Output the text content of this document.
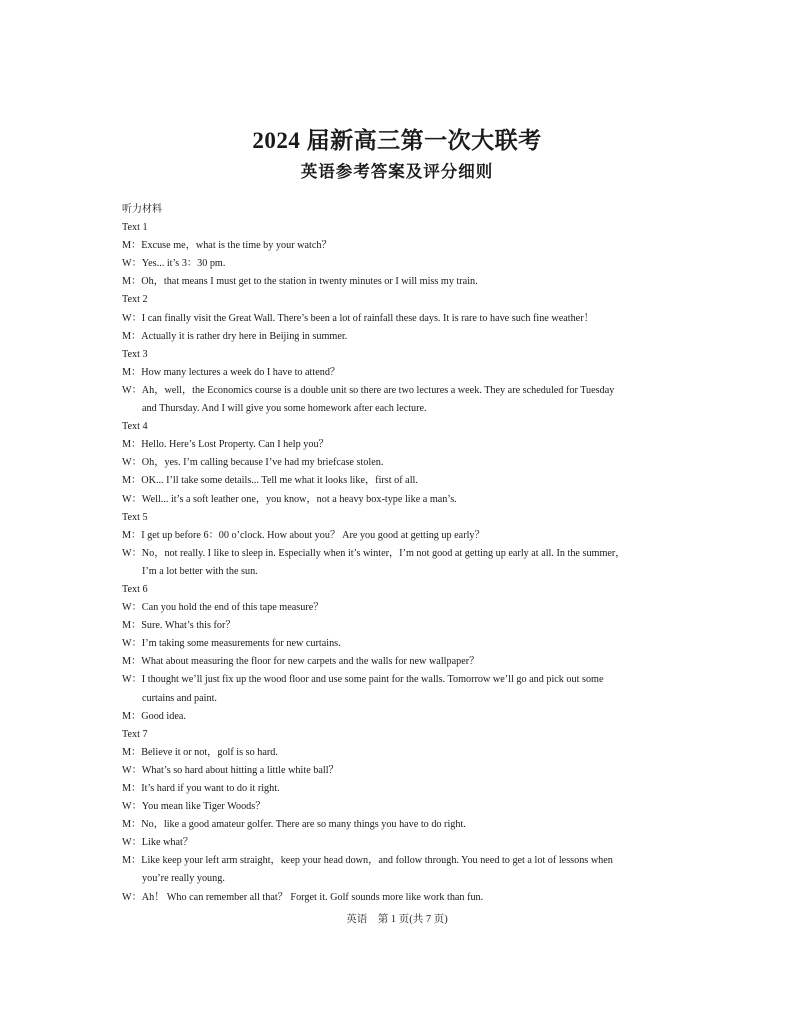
2024 届新高三第一次大联考
英语参考答案及评分细则
听力材料
Text 1
M：Excuse me，what is the time by your watch？
W：Yes... it’s 3：30 pm.
M：Oh，that means I must get to the station in twenty minutes or I will miss my train.
Text 2
W：I can finally visit the Great Wall. There’s been a lot of rainfall these days. It is rare to have such fine weather！
M：Actually it is rather dry here in Beijing in summer.
Text 3
M：How many lectures a week do I have to attend？
W：Ah，well，the Economics course is a double unit so there are two lectures a week. They are scheduled for Tuesday
and Thursday. And I will give you some homework after each lecture.
Text 4
M：Hello. Here’s Lost Property. Can I help you？
W：Oh，yes. I’m calling because I’ve had my briefcase stolen.
M：OK... I’ll take some details... Tell me what it looks like，first of all.
W：Well... it’s a soft leather one，you know，not a heavy box-type like a man’s.
Text 5
M：I get up before 6：00 o’clock. How about you？ Are you good at getting up early？
W：No，not really. I like to sleep in. Especially when it’s winter，I’m not good at getting up early at all. In the summer，
I’m a lot better with the sun.
Text 6
W：Can you hold the end of this tape measure？
M：Sure. What’s this for？
W：I’m taking some measurements for new curtains.
M：What about measuring the floor for new carpets and the walls for new wallpaper？
W：I thought we’ll just fix up the wood floor and use some paint for the walls. Tomorrow we’ll go and pick out some
curtains and paint.
M：Good idea.
Text 7
M：Believe it or not，golf is so hard.
W：What’s so hard about hitting a little white ball？
M：It’s hard if you want to do it right.
W：You mean like Tiger Woods？
M：No，like a good amateur golfer. There are so many things you have to do right.
W：Like what？
M：Like keep your left arm straight，keep your head down，and follow through. You need to get a lot of lessons when
you’re really young.
W：Ah！ Who can remember all that？ Forget it. Golf sounds more like work than fun.
英语　第 1 页(共 7 页)
